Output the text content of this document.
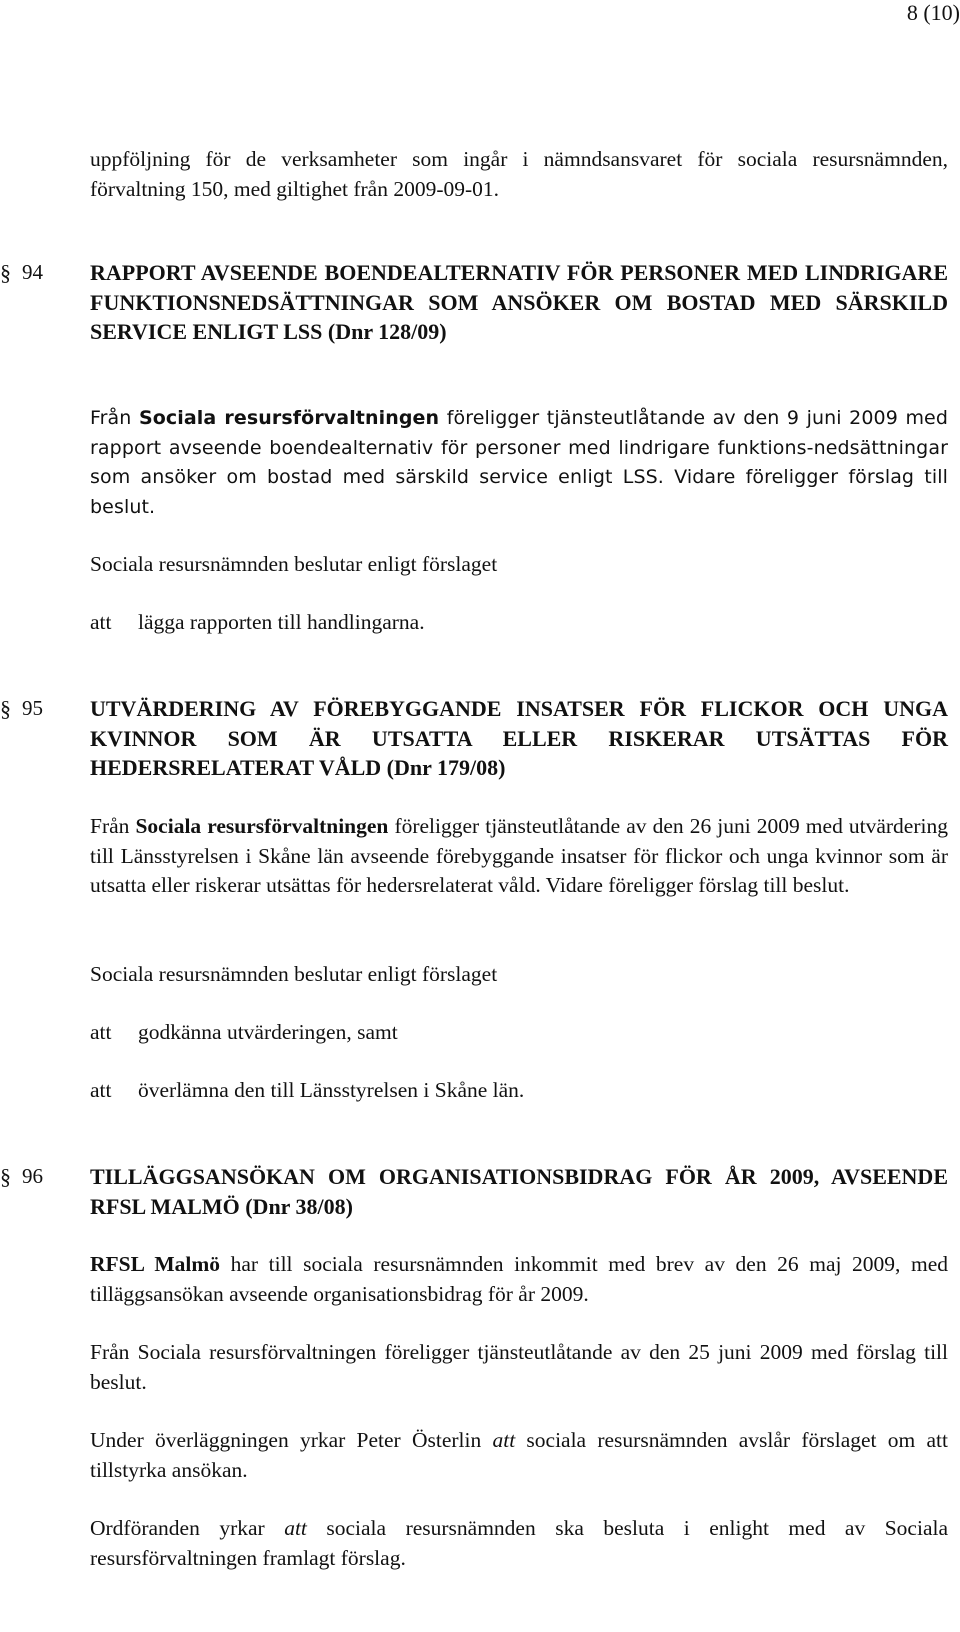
8 (10)

uppföljning för de verksamheter som ingår i nämndsansvaret för sociala resursnämnden, förvaltning 150, med giltighet från 2009-09-01.

§ 94 RAPPORT AVSEENDE BOENDEALTERNATIV FÖR PERSONER MED LINDRIGARE FUNKTIONSNEDSÄTTNINGAR SOM ANSÖKER OM BOSTAD MED SÄRSKILD SERVICE ENLIGT LSS (Dnr 128/09)

Från Sociala resursförvaltningen föreligger tjänsteutlåtande av den 9 juni 2009 med rapport avseende boendealternativ för personer med lindrigare funktions-nedsättningar som ansöker om bostad med särskild service enligt LSS. Vidare föreligger förslag till beslut.

Sociala resursnämnden beslutar enligt förslaget

att lägga rapporten till handlingarna.
§ 95 UTVÄRDERING AV FÖREBYGGANDE INSATSER FÖR FLICKOR OCH UNGA KVINNOR SOM ÄR UTSATTA ELLER RISKERAR UTSÄTTAS FÖR HEDERSRELATERAT VÅLD (Dnr 179/08)

Från Sociala resursförvaltningen föreligger tjänsteutlåtande av den 26 juni 2009 med utvärdering till Länsstyrelsen i Skåne län avseende förebyggande insatser för flickor och unga kvinnor som är utsatta eller riskerar utsättas för hedersrelaterat våld. Vidare föreligger förslag till beslut.

Sociala resursnämnden beslutar enligt förslaget

att godkänna utvärderingen, samt
att överlämna den till Länsstyrelsen i Skåne län.
§ 96 TILLÄGGSANSÖKAN OM ORGANISATIONSBIDRAG FÖR ÅR 2009, AVSEENDE RFSL MALMÖ (Dnr 38/08)

RFSL Malmö har till sociala resursnämnden inkommit med brev av den 26 maj 2009, med tilläggsansökan avseende organisationsbidrag för år 2009.

Från Sociala resursförvaltningen föreligger tjänsteutlåtande av den 25 juni 2009 med förslag till beslut.

Under överläggningen yrkar Peter Österlin att sociala resursnämnden avslår förslaget om att tillstyrka ansökan.

Ordföranden yrkar att sociala resursnämnden ska besluta i enlight med av Sociala resursförvaltningen framlagt förslag.
